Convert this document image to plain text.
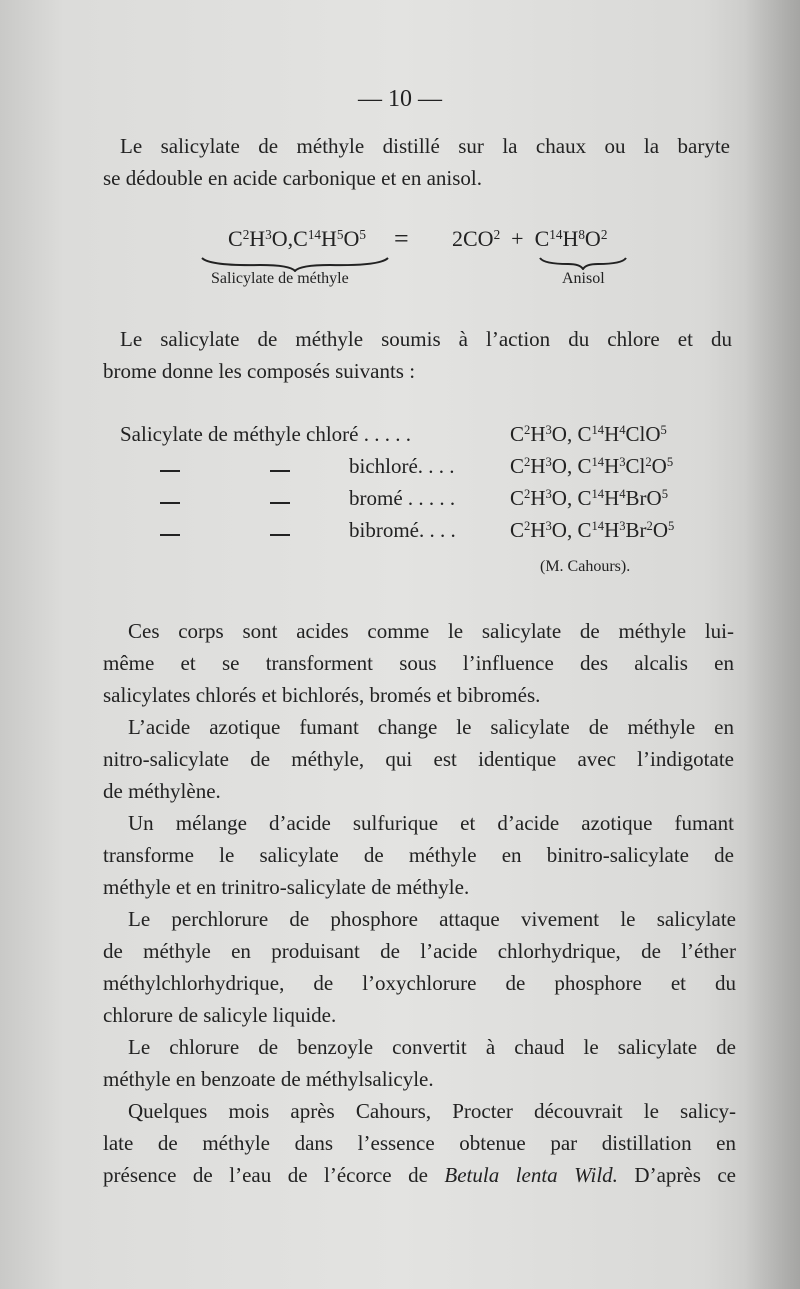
— 10 —
Le salicylate de méthyle distillé sur la chaux ou la baryte
se dédouble en acide carbonique et en anisol.
$C^2H^3O,C^{14}H^5O^5 = 2CO^2 + C^{14}H^8O^2$
Salicylate de méthyle	Anisol
Le salicylate de méthyle soumis à l’action du chlore et du
brome donne les composés suivants :
Salicylate de méthyle chloré . . . . .	$C^2H^3O$, $C^{14}H^4ClO^5$
bichloré. . . .	$C^2H^3O$, $C^{14}H^3Cl^2O^5$
bromé . . . . .	$C^2H^3O$, $C^{14}H^4BrO^5$
bibromé. . . .	$C^2H^3O$, $C^{14}H^3Br^2O^5$
(M. Cahours).
Ces corps sont acides comme le salicylate de méthyle lui-
même et se transforment sous l’influence des alcalis en
salicylates chlorés et bichlorés, bromés et bibromés.
L’acide azotique fumant change le salicylate de méthyle en
nitro-salicylate de méthyle, qui est identique avec l’indigotate
de méthylène.
Un mélange d’acide sulfurique et d’acide azotique fumant
transforme le salicylate de méthyle en binitro-salicylate de
méthyle et en trinitro-salicylate de méthyle.
Le perchlorure de phosphore attaque vivement le salicylate
de méthyle en produisant de l’acide chlorhydrique, de l’éther
méthylchlorhydrique, de l’oxychlorure de phosphore et du
chlorure de salicyle liquide.
Le chlorure de benzoyle convertit à chaud le salicylate de
méthyle en benzoate de méthylsalicyle.
Quelques mois après Cahours, Procter découvrait le salicy-
late de méthyle dans l’essence obtenue par distillation en
présence de l’eau de l’écorce de Betula lenta Wild. D’après ce
